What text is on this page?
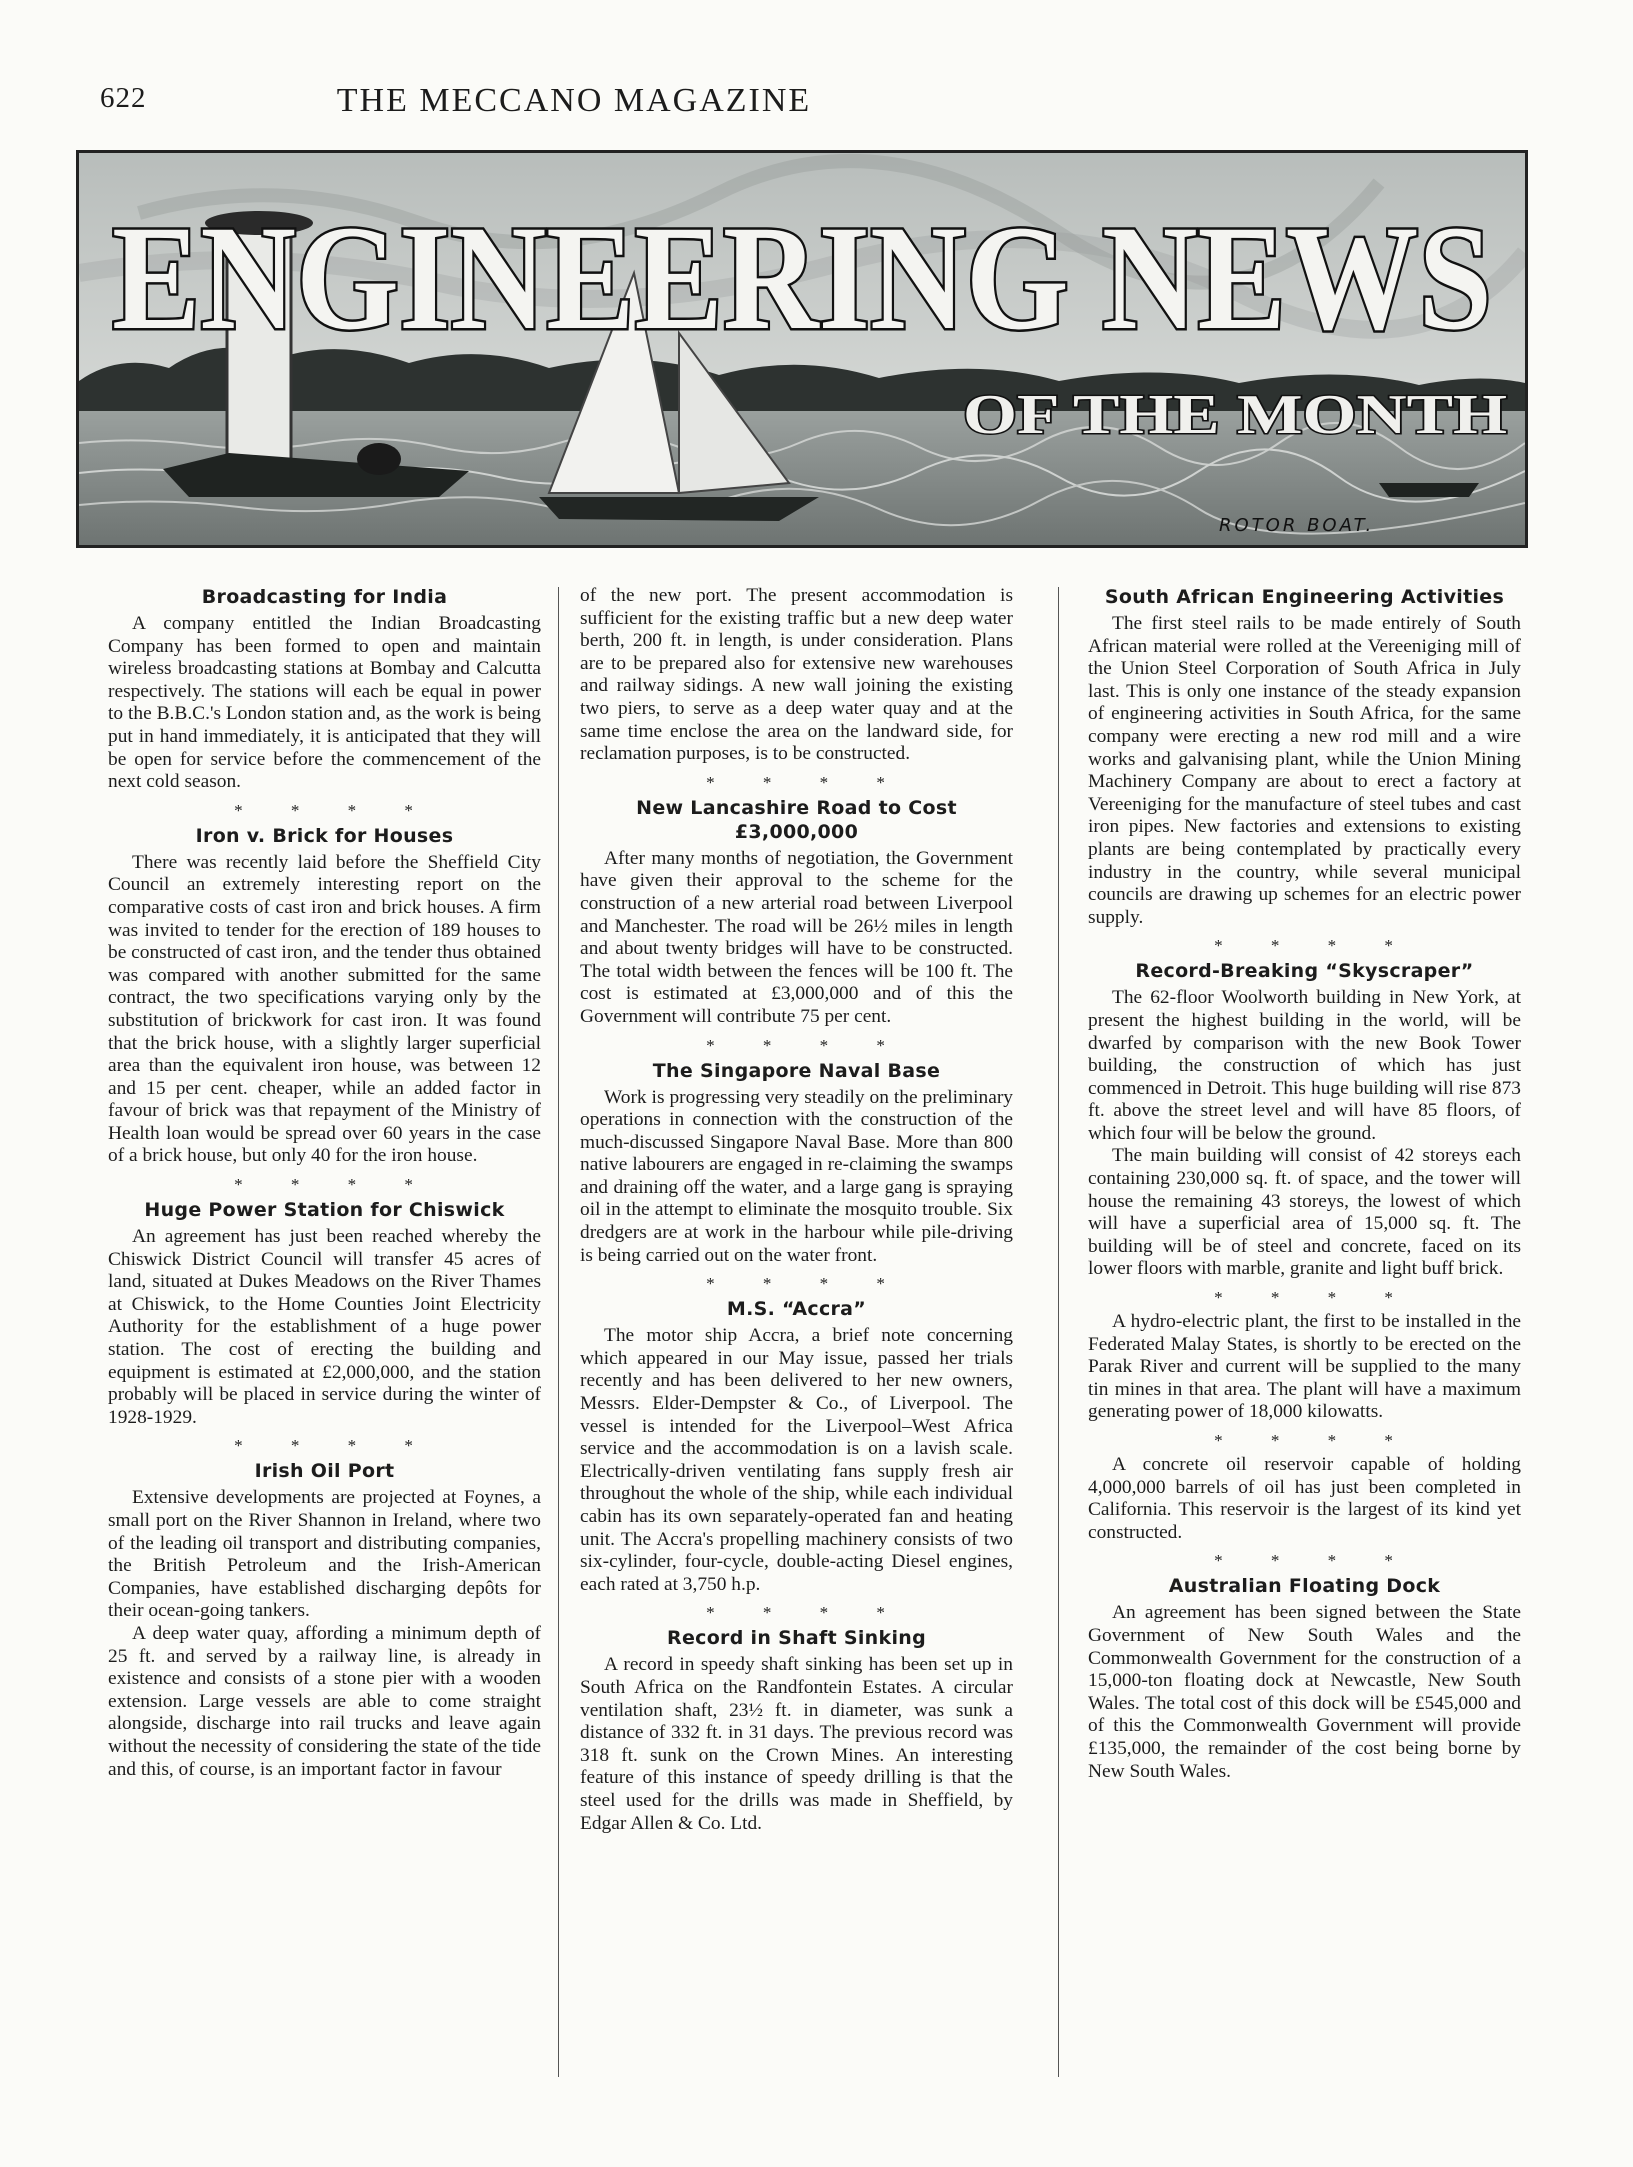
622	THE MECCANO MAGAZINE
ENGINEERING NEWS
OF THE MONTH
ROTOR BOAT.
Broadcasting for India

A company entitled the Indian Broadcasting Company has been formed to open and maintain wireless broadcasting stations at Bombay and Calcutta respectively. The stations will each be equal in power to the B.B.C.'s London station and, as the work is being put in hand immediately, it is anticipated that they will be open for service before the commencement of the next cold season.

* * * *
Iron v. Brick for Houses

There was recently laid before the Sheffield City Council an extremely interesting report on the comparative costs of cast iron and brick houses. A firm was invited to tender for the erection of 189 houses to be constructed of cast iron, and the tender thus obtained was compared with another submitted for the same contract, the two specifications varying only by the substitution of brickwork for cast iron. It was found that the brick house, with a slightly larger superficial area than the equivalent iron house, was between 12 and 15 per cent. cheaper, while an added factor in favour of brick was that repayment of the Ministry of Health loan would be spread over 60 years in the case of a brick house, but only 40 for the iron house.

* * * *
Huge Power Station for Chiswick

An agreement has just been reached whereby the Chiswick District Council will transfer 45 acres of land, situated at Dukes Meadows on the River Thames at Chiswick, to the Home Counties Joint Electricity Authority for the establishment of a huge power station. The cost of erecting the building and equipment is estimated at £2,000,000, and the station probably will be placed in service during the winter of 1928-1929.

* * * *
Irish Oil Port

Extensive developments are projected at Foynes, a small port on the River Shannon in Ireland, where two of the leading oil transport and distributing companies, the British Petroleum and the Irish-American Companies, have established discharging depôts for their ocean-going tankers.

A deep water quay, affording a minimum depth of 25 ft. and served by a railway line, is already in existence and consists of a stone pier with a wooden extension. Large vessels are able to come straight alongside, discharge into rail trucks and leave again without the necessity of considering the state of the tide and this, of course, is an important factor in favour

of the new port. The present accommodation is sufficient for the existing traffic but a new deep water berth, 200 ft. in length, is under consideration. Plans are to be prepared also for extensive new warehouses and railway sidings. A new wall joining the existing two piers, to serve as a deep water quay and at the same time enclose the area on the landward side, for reclamation purposes, is to be constructed.

* * * *
New Lancashire Road to Cost £3,000,000

After many months of negotiation, the Government have given their approval to the scheme for the construction of a new arterial road between Liverpool and Manchester. The road will be 26½ miles in length and about twenty bridges will have to be constructed. The total width between the fences will be 100 ft. The cost is estimated at £3,000,000 and of this the Government will contribute 75 per cent.

* * * *
The Singapore Naval Base

Work is progressing very steadily on the preliminary operations in connection with the construction of the much-discussed Singapore Naval Base. More than 800 native labourers are engaged in re-claiming the swamps and draining off the water, and a large gang is spraying oil in the attempt to eliminate the mosquito trouble. Six dredgers are at work in the harbour while pile-driving is being carried out on the water front.

* * * *
M.S. “Accra”

The motor ship Accra, a brief note concerning which appeared in our May issue, passed her trials recently and has been delivered to her new owners, Messrs. Elder-Dempster & Co., of Liverpool. The vessel is intended for the Liverpool–West Africa service and the accommodation is on a lavish scale. Electrically-driven ventilating fans supply fresh air throughout the whole of the ship, while each individual cabin has its own separately-operated fan and heating unit. The Accra's propelling machinery consists of two six-cylinder, four-cycle, double-acting Diesel engines, each rated at 3,750 h.p.

* * * *
Record in Shaft Sinking

A record in speedy shaft sinking has been set up in South Africa on the Randfontein Estates. A circular ventilation shaft, 23½ ft. in diameter, was sunk a distance of 332 ft. in 31 days. The previous record was 318 ft. sunk on the Crown Mines. An interesting feature of this instance of speedy drilling is that the steel used for the drills was made in Sheffield, by Edgar Allen & Co. Ltd.

South African Engineering Activities

The first steel rails to be made entirely of South African material were rolled at the Vereeniging mill of the Union Steel Corporation of South Africa in July last. This is only one instance of the steady expansion of engineering activities in South Africa, for the same company were erecting a new rod mill and a wire works and galvanising plant, while the Union Mining Machinery Company are about to erect a factory at Vereeniging for the manufacture of steel tubes and cast iron pipes. New factories and extensions to existing plants are being contemplated by practically every industry in the country, while several municipal councils are drawing up schemes for an electric power supply.

* * * *
Record-Breaking “Skyscraper”

The 62-floor Woolworth building in New York, at present the highest building in the world, will be dwarfed by comparison with the new Book Tower building, the construction of which has just commenced in Detroit. This huge building will rise 873 ft. above the street level and will have 85 floors, of which four will be below the ground.

The main building will consist of 42 storeys each containing 230,000 sq. ft. of space, and the tower will house the remaining 43 storeys, the lowest of which will have a superficial area of 15,000 sq. ft. The building will be of steel and concrete, faced on its lower floors with marble, granite and light buff brick.

* * * *

A hydro-electric plant, the first to be installed in the Federated Malay States, is shortly to be erected on the Parak River and current will be supplied to the many tin mines in that area. The plant will have a maximum generating power of 18,000 kilowatts.

* * * *

A concrete oil reservoir capable of holding 4,000,000 barrels of oil has just been completed in California. This reservoir is the largest of its kind yet constructed.

* * * *
Australian Floating Dock

An agreement has been signed between the State Government of New South Wales and the Commonwealth Government for the construction of a 15,000-ton floating dock at Newcastle, New South Wales. The total cost of this dock will be £545,000 and of this the Commonwealth Government will provide £135,000, the remainder of the cost being borne by New South Wales.
